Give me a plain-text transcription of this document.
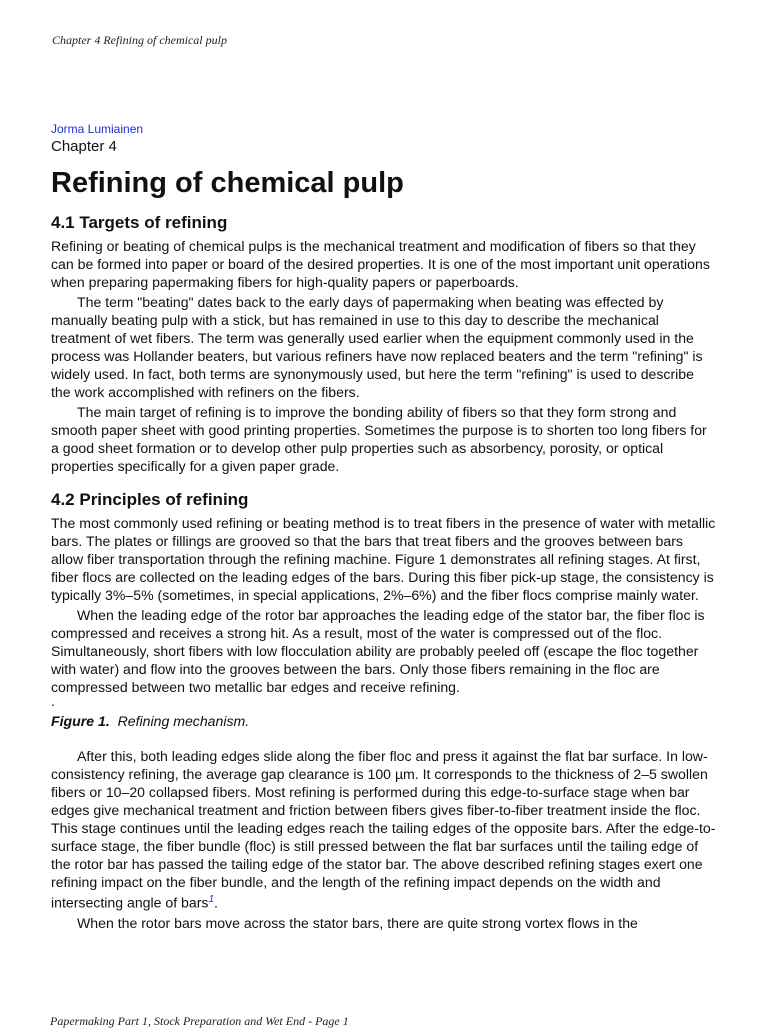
Chapter 4 Refining of chemical pulp

Jorma Lumiainen

Chapter 4

Refining of chemical pulp
4.1 Targets of refining

Refining or beating of chemical pulps is the mechanical treatment and modification of fibers so that they can be formed into paper or board of the desired properties. It is one of the most important unit operations when preparing papermaking fibers for high-quality papers or paperboards.

The term "beating" dates back to the early days of papermaking when beating was effected by manually beating pulp with a stick, but has remained in use to this day to describe the mechanical treatment of wet fibers. The term was generally used earlier when the equipment commonly used in the process was Hollander beaters, but various refiners have now replaced beaters and the term "refining" is widely used. In fact, both terms are synonymously used, but here the term "refining" is used to describe the work accomplished with refiners on the fibers.

The main target of refining is to improve the bonding ability of fibers so that they form strong and smooth paper sheet with good printing properties. Sometimes the purpose is to shorten too long fibers for a good sheet formation or to develop other pulp properties such as absorbency, porosity, or optical properties specifically for a given paper grade.

4.2 Principles of refining

The most commonly used refining or beating method is to treat fibers in the presence of water with metallic bars. The plates or fillings are grooved so that the bars that treat fibers and the grooves between bars allow fiber transportation through the refining machine. Figure 1 demonstrates all refining stages. At first, fiber flocs are collected on the leading edges of the bars. During this fiber pick-up stage, the consistency is typically 3%–5% (sometimes, in special applications, 2%–6%) and the fiber flocs comprise mainly water.

When the leading edge of the rotor bar approaches the leading edge of the stator bar, the fiber floc is compressed and receives a strong hit. As a result, most of the water is compressed out of the floc. Simultaneously, short fibers with low flocculation ability are probably peeled off (escape the floc together with water) and flow into the grooves between the bars. Only those fibers remaining in the floc are compressed between two metallic bar edges and receive refining.

.

Figure 1. Refining mechanism.

After this, both leading edges slide along the fiber floc and press it against the flat bar surface. In low-consistency refining, the average gap clearance is 100 µm. It corresponds to the thickness of 2–5 swollen fibers or 10–20 collapsed fibers. Most refining is performed during this edge-to-surface stage when bar edges give mechanical treatment and friction between fibers gives fiber-to-fiber treatment inside the floc. This stage continues until the leading edges reach the tailing edges of the opposite bars. After the edge-to-surface stage, the fiber bundle (floc) is still pressed between the flat bar surfaces until the tailing edge of the rotor bar has passed the tailing edge of the stator bar. The above described refining stages exert one refining impact on the fiber bundle, and the length of the refining impact depends on the width and intersecting angle of bars$^1$.

When the rotor bars move across the stator bars, there are quite strong vortex flows in the

Papermaking Part 1, Stock Preparation and Wet End - Page 1
